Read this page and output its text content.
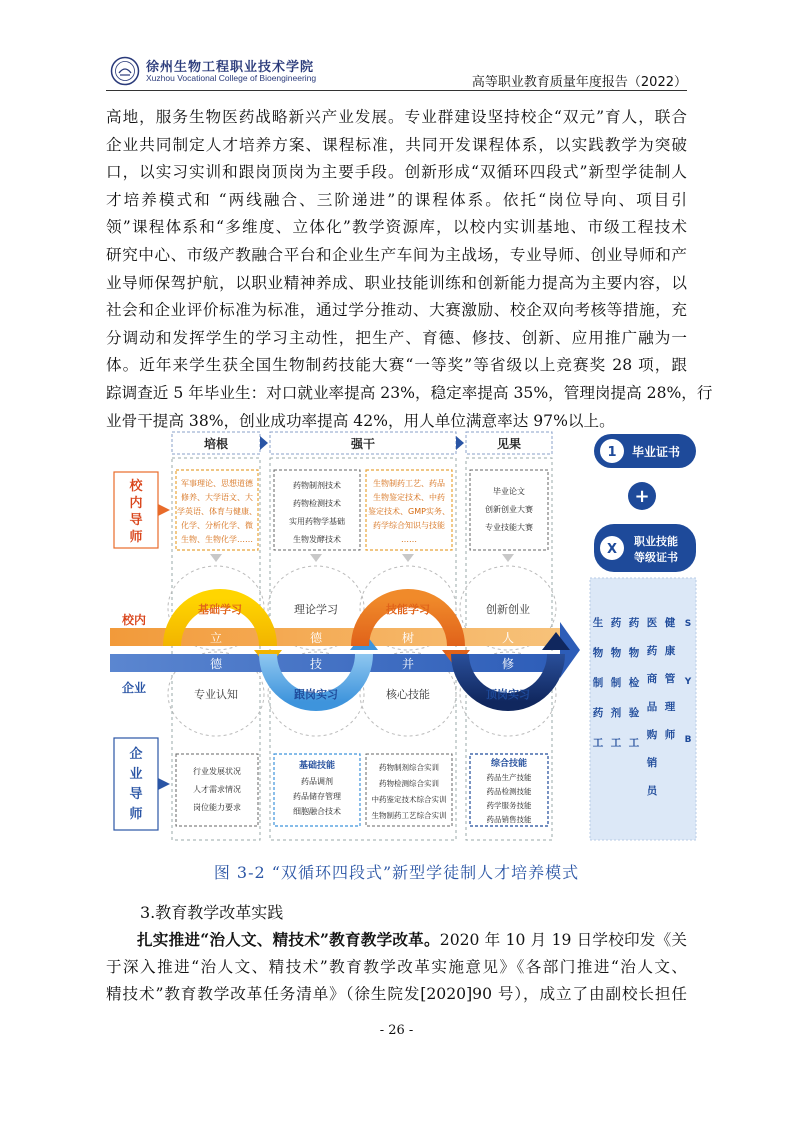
徐州生物工程职业技术学院
Xuzhou Vocational College of Bioengineering	高等职业教育质量年度报告（2022）
高地，服务生物医药战略新兴产业发展。专业群建设坚持校企“双元”育人，联合
企业共同制定人才培养方案、课程标准，共同开发课程体系，以实践教学为突破
口，以实习实训和跟岗顶岗为主要手段。创新形成“双循环四段式”新型学徒制人
才培养模式和 “两线融合、三阶递进”的课程体系。依托“岗位导向、项目引
领”课程体系和“多维度、立体化”教学资源库，以校内实训基地、市级工程技术
研究中心、市级产教融合平台和企业生产车间为主战场，专业导师、创业导师和产
业导师保驾护航，以职业精神养成、职业技能训练和创新能力提高为主要内容，以
社会和企业评价标准为标准，通过学分推动、大赛激励、校企双向考核等措施，充
分调动和发挥学生的学习主动性，把生产、育德、修技、创新、应用推广融为一
体。近年来学生获全国生物制药技能大赛“一等奖”等省级以上竞赛奖 28 项，跟
踪调查近 5 年毕业生：对口就业率提高 23%，稳定率提高 35%，管理岗提高 28%，行
业骨干提高 38%，创业成功率提高 42%，用人单位满意率达 97%以上。
培根	强干	见果
校
内
导
师
军事理论、思想道德
修养、大学语文、大
学英语、体育与健康、
化学、分析化学、微
生物、生物化学……
药物制剂技术
药物检测技术
实用药物学基础
生物发酵技术
生物制药工艺、药品
生物鉴定技术、中药
鉴定技术、GMP实务、
药学综合知识与技能
……
毕业论文
创新创业大赛
专业技能大赛
校内
企业
立	德	树	人
德	技	并	修
基础学习	理论学习	技能学习	创新创业
专业认知	跟岗实习	核心技能	顶岗实习
1学年	1学年
0.5学年	0.5学年
企
业
导
师
行业发展状况
人才需求情况
岗位能力要求
基础技能
药品调剂
药品储存管理
细胞融合技术
药物制剂综合实训
药物检测综合实训
中药鉴定技术综合实训
生物制药工艺综合实训
综合技能
药品生产技能
药品检测技能
药学服务技能
药品销售技能
1 毕业证书
+
X
职业技能
等级证书
生
物
制
药
工
药
物
制
剂
工
药
物
检
验
工
医
药
商
品
购
销
员
健
康
管
理
师
S
Y
B
图 3-2 “双循环四段式”新型学徒制人才培养模式
3.教育教学改革实践
扎实推进“治人文、精技术”教育教学改革。2020 年 10 月 19 日学校印发《关
于深入推进“治人文、精技术”教育教学改革实施意见》《各部门推进“治人文、
精技术”教育教学改革任务清单》（徐生院发[2020]90 号），成立了由副校长担任
- 26 -
